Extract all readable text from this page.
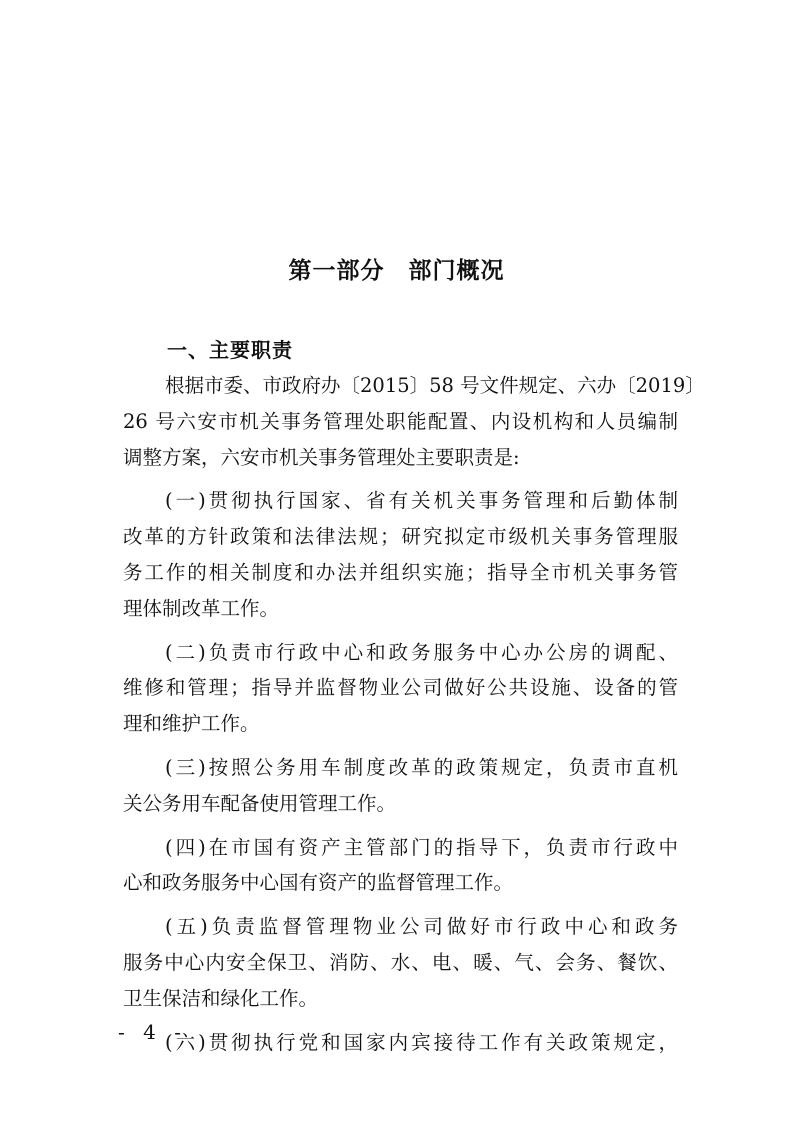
第一部分　部门概况
一、主要职责
根据市委、市政府办〔2015〕58 号文件规定、六办〔2019〕
26 号六安市机关事务管理处职能配置、内设机构和人员编制
调整方案，六安市机关事务管理处主要职责是:
(一)贯彻执行国家、省有关机关事务管理和后勤体制
改革的方针政策和法律法规；研究拟定市级机关事务管理服
务工作的相关制度和办法并组织实施；指导全市机关事务管
理体制改革工作。
(二)负责市行政中心和政务服务中心办公房的调配、
维修和管理；指导并监督物业公司做好公共设施、设备的管
理和维护工作。
(三)按照公务用车制度改革的政策规定，负责市直机
关公务用车配备使用管理工作。
(四)在市国有资产主管部门的指导下，负责市行政中
心和政务服务中心国有资产的监督管理工作。
(五)负责监督管理物业公司做好市行政中心和政务
服务中心内安全保卫、消防、水、电、暖、气、会务、餐饮、
卫生保洁和绿化工作。
(六)贯彻执行党和国家内宾接待工作有关政策规定，
- 4 -
